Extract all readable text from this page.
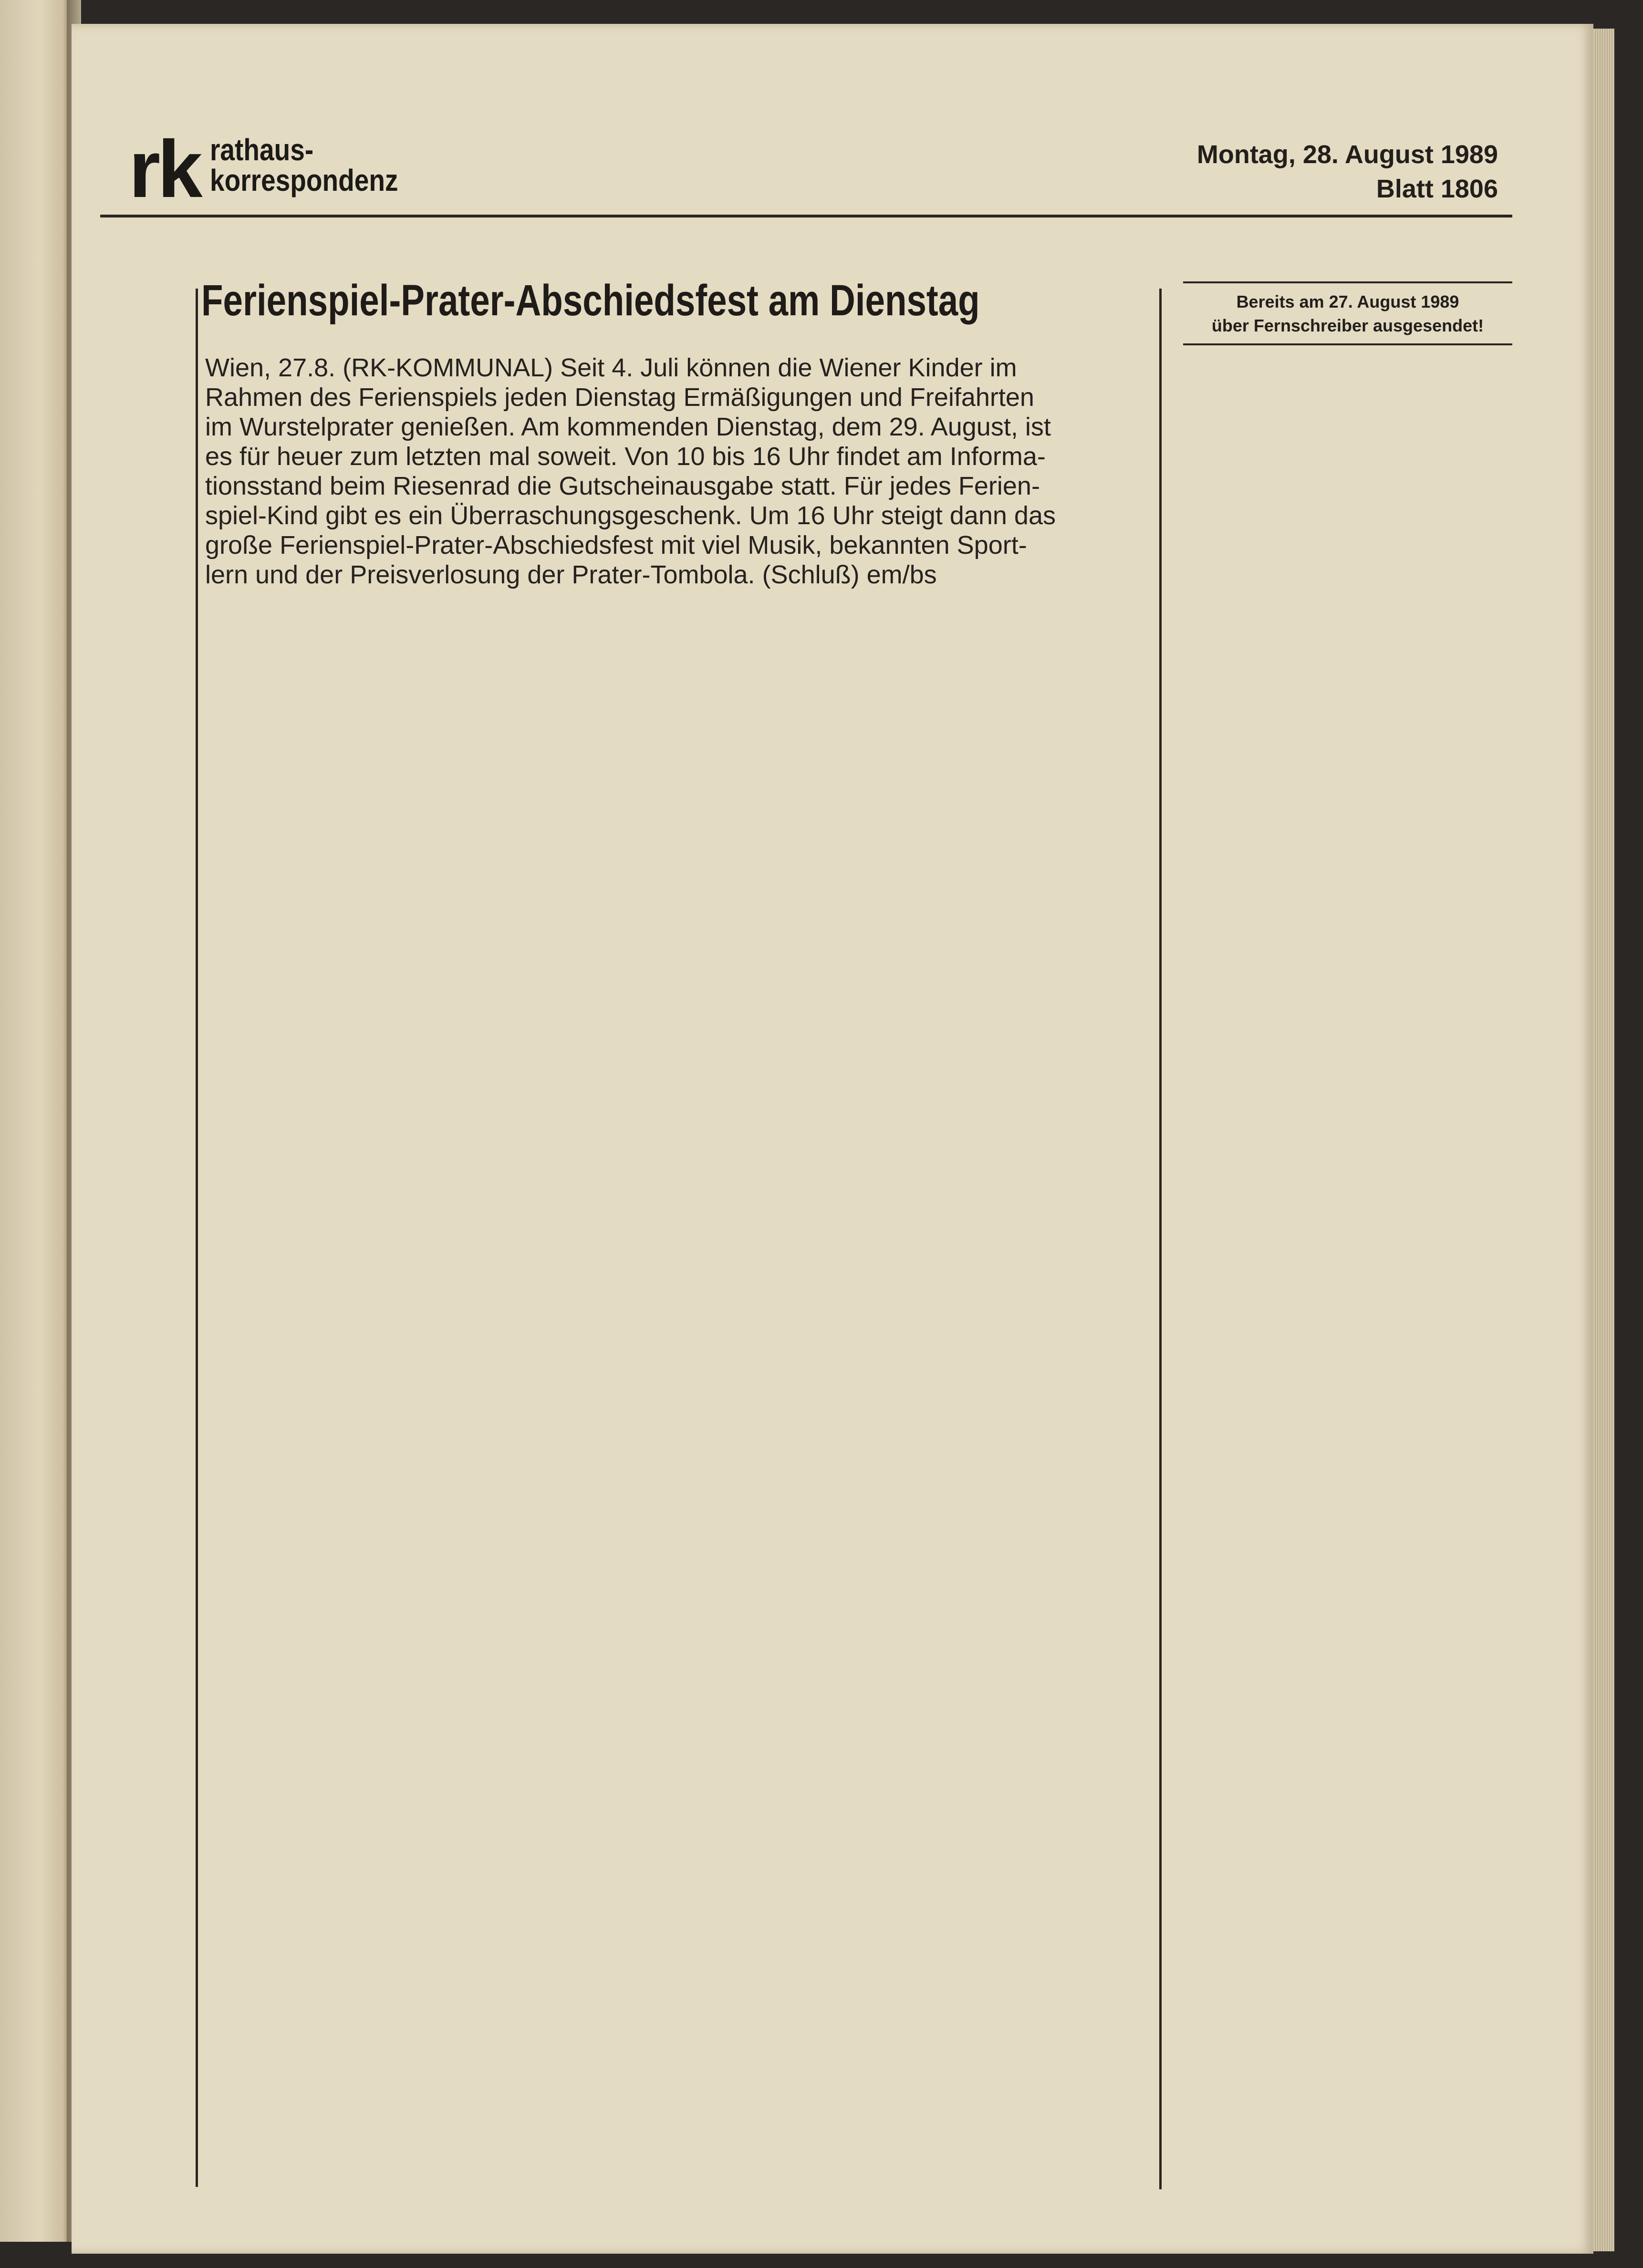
rk rathaus-
korrespondenz
Montag, 28. August 1989
Blatt 1806
Ferienspiel-Prater-Abschiedsfest am Dienstag
Wien, 27.8. (RK-KOMMUNAL) Seit 4. Juli können die Wiener Kinder im
Rahmen des Ferienspiels jeden Dienstag Ermäßigungen und Freifahrten
im Wurstelprater genießen. Am kommenden Dienstag, dem 29. August, ist
es für heuer zum letzten mal soweit. Von 10 bis 16 Uhr findet am Informa-
tionsstand beim Riesenrad die Gutscheinausgabe statt. Für jedes Ferien-
spiel-Kind gibt es ein Überraschungsgeschenk. Um 16 Uhr steigt dann das
große Ferienspiel-Prater-Abschiedsfest mit viel Musik, bekannten Sport-
lern und der Preisverlosung der Prater-Tombola. (Schluß) em/bs
Bereits am 27. August 1989
über Fernschreiber ausgesendet!
